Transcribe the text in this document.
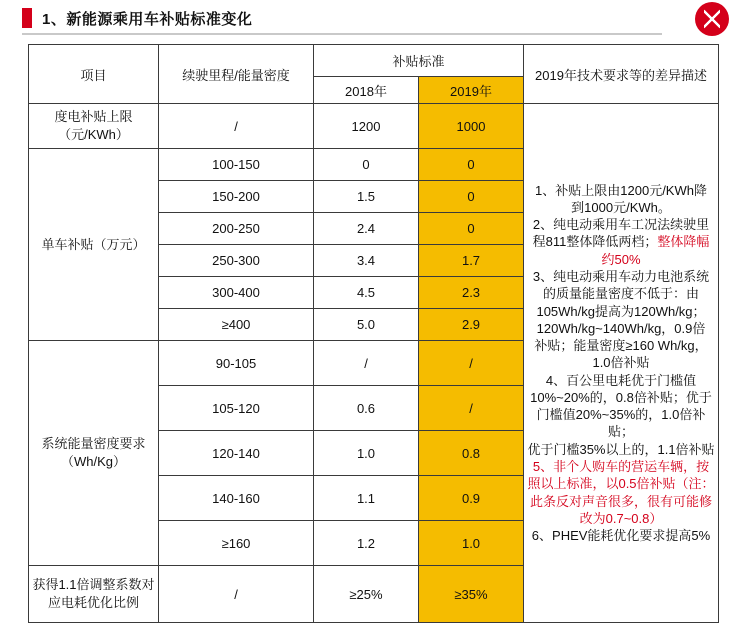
1、新能源乘用车补贴标准变化
项目	续驶里程/能量密度	补贴标准		2019年技术要求等的差异描述
		2018年	2019年	
度电补贴上限（元/KWh）	/	1200	1000	
1、补贴上限由1200元/KWh降
到1000元/KWh。
2、纯电动乘用车工况法续驶里
程811整体降低两档；整体降幅
约50%
3、纯电动乘用车动力电池系统
的质量能量密度不低于：由
105Wh/kg提高为120Wh/kg；
120Wh/kg~140Wh/kg，0.9倍
补贴；能量密度≥160 Wh/kg，
1.0倍补贴
4、百公里电耗优于门槛值
10%~20%的，0.8倍补贴；优于
门槛值20%~35%的，1.0倍补贴；
优于门槛35%以上的，1.1倍补贴
5、非个人购车的营运车辆，按
照以上标准，以0.5倍补贴（注：
此条反对声音很多，很有可能修
改为0.7~0.8）
6、PHEV能耗优化要求提高5%

单车补贴（万元）	100-150	0	0	
	150-200	1.5	0	
	200-250	2.4	0	
	250-300	3.4	1.7	
	300-400	4.5	2.3	
	≥400	5.0	2.9	
系统能量密度要求（Wh/Kg）	90-105	/	/	
	105-120	0.6	/	
	120-140	1.0	0.8	
	140-160	1.1	0.9	
	≥160	1.2	1.0	
获得1.1倍调整系数对应电耗优化比例	/	≥25%	≥35%	
